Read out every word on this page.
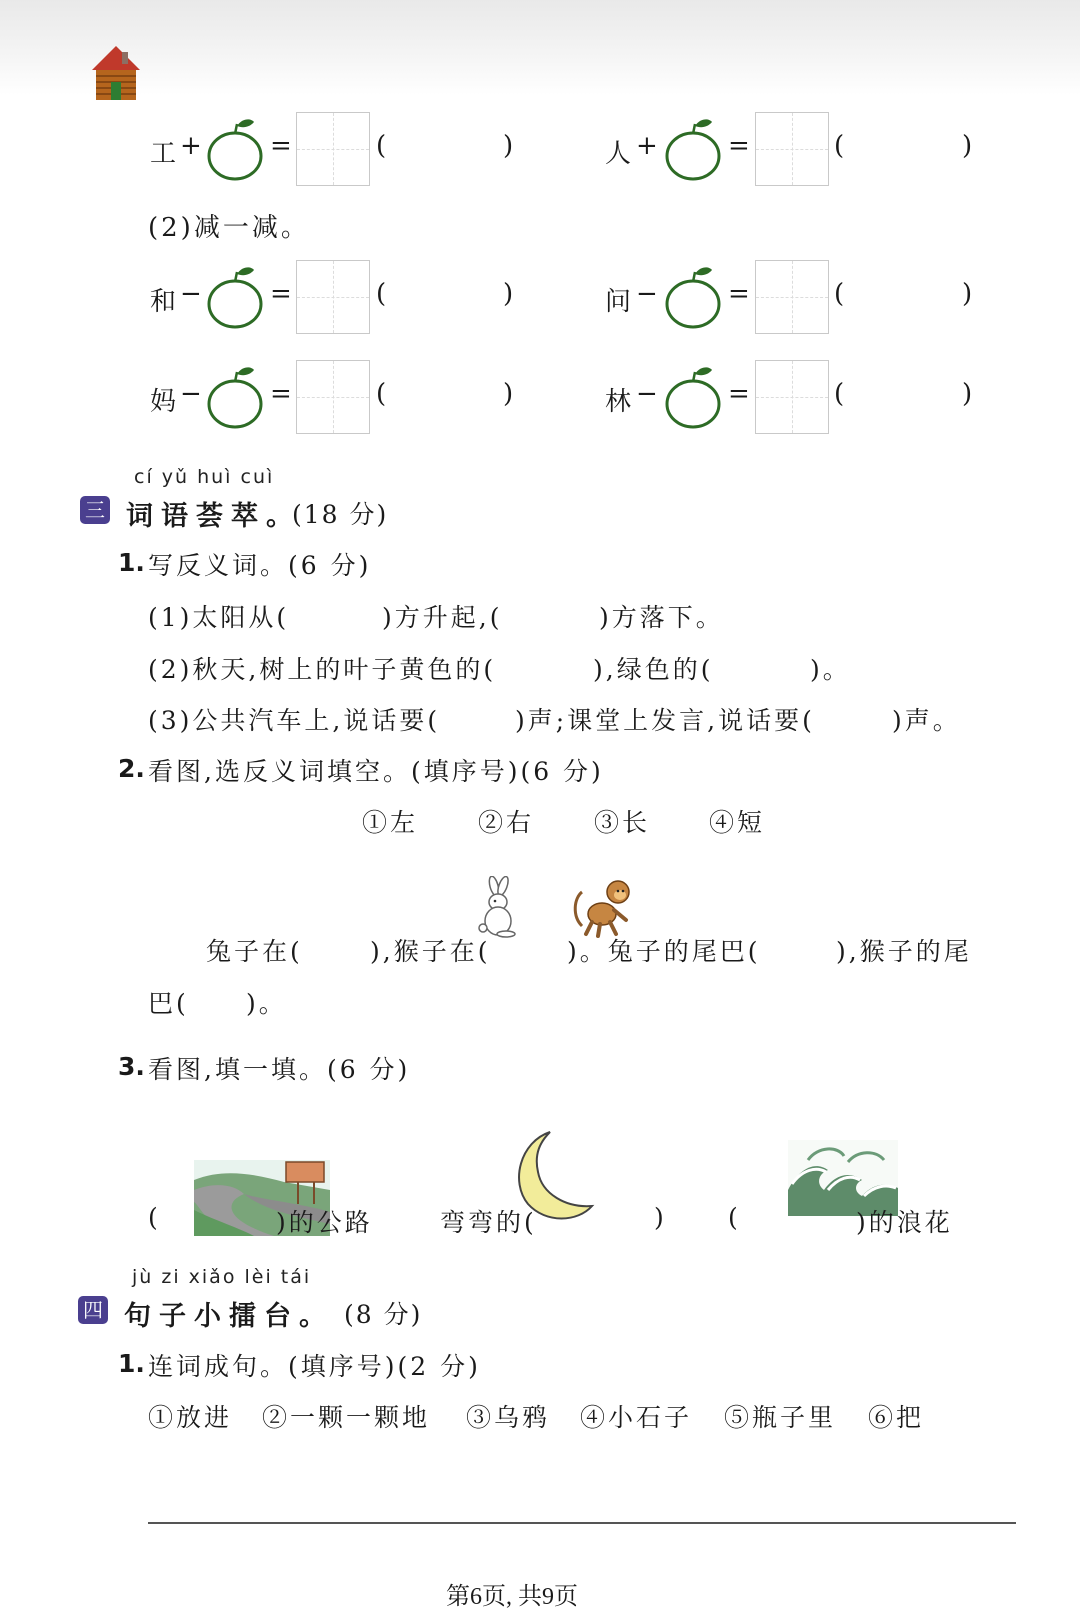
工 +	=	(	)	人 +	=	(	)
(2)减一减。
和 −	=	(	)	问 −	=	(	)
妈 −	=	(	)	林 −	=	(	)
cí yǔ huì cuì
三 词语荟萃。
(18 分)
1. 写反义词。(6 分)
(1)太阳从(	)方升起,(	)方落下。
(2)秋天,树上的叶子黄色的(	),绿色的(	)。
(3)公共汽车上,说话要(	)声;课堂上发言,说话要(	)声。
2. 看图,选反义词填空。(填序号)(6 分)
①左 ②右 ③长 ④短
兔子在(	),猴子在(	)。兔子的尾巴(	),猴子的尾
巴( )。
3. 看图,填一填。(6 分)
(	)的公路	弯弯的(	) (	)的浪花
jù zi xiǎo lèi tái
四 句子小擂台。 (8 分)
1. 连词成句。(填序号)(2 分)
①放进 ②一颗一颗地 ③乌鸦 ④小石子 ⑤瓶子里 ⑥把
第6页, 共9页
